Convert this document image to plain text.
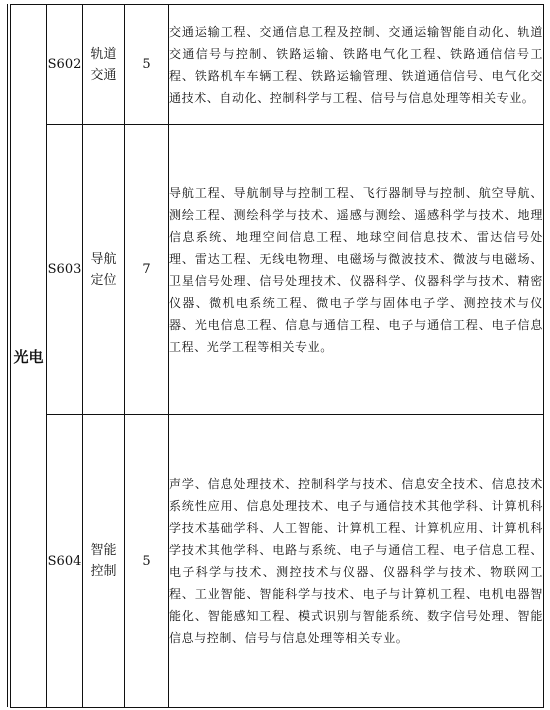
光电	S602	轨道交通	5	交通运输工程、交通信息工程及控制、交通运输智能自动化、轨道交通信号与控制、铁路运输、铁路电气化工程、铁路通信信号工程、铁路机车车辆工程、铁路运输管理、铁道通信信号、电气化交通技术、自动化、控制科学与工程、信号与信息处理等相关专业。
	S603	导航定位	7	导航工程、导航制导与控制工程、飞行器制导与控制、航空导航、测绘工程、测绘科学与技术、遥感与测绘、遥感科学与技术、地理信息系统、地理空间信息工程、地球空间信息技术、雷达信号处理、雷达工程、无线电物理、电磁场与微波技术、微波与电磁场、卫星信号处理、信号处理技术、仪器科学、仪器科学与技术、精密仪器、微机电系统工程、微电子学与固体电子学、测控技术与仪器、光电信息工程、信息与通信工程、电子与通信工程、电子信息工程、光学工程等相关专业。
	S604	智能控制	5	声学、信息处理技术、控制科学与技术、信息安全技术、信息技术系统性应用、信息处理技术、电子与通信技术其他学科、计算机科学技术基础学科、人工智能、计算机工程、计算机应用、计算机科学技术其他学科、电路与系统、电子与通信工程、电子信息工程、电子科学与技术、测控技术与仪器、仪器科学与技术、物联网工程、工业智能、智能科学与技术、电子与计算机工程、电机电器智能化、智能感知工程、模式识别与智能系统、数字信号处理、智能信息与控制、信号与信息处理等相关专业。
